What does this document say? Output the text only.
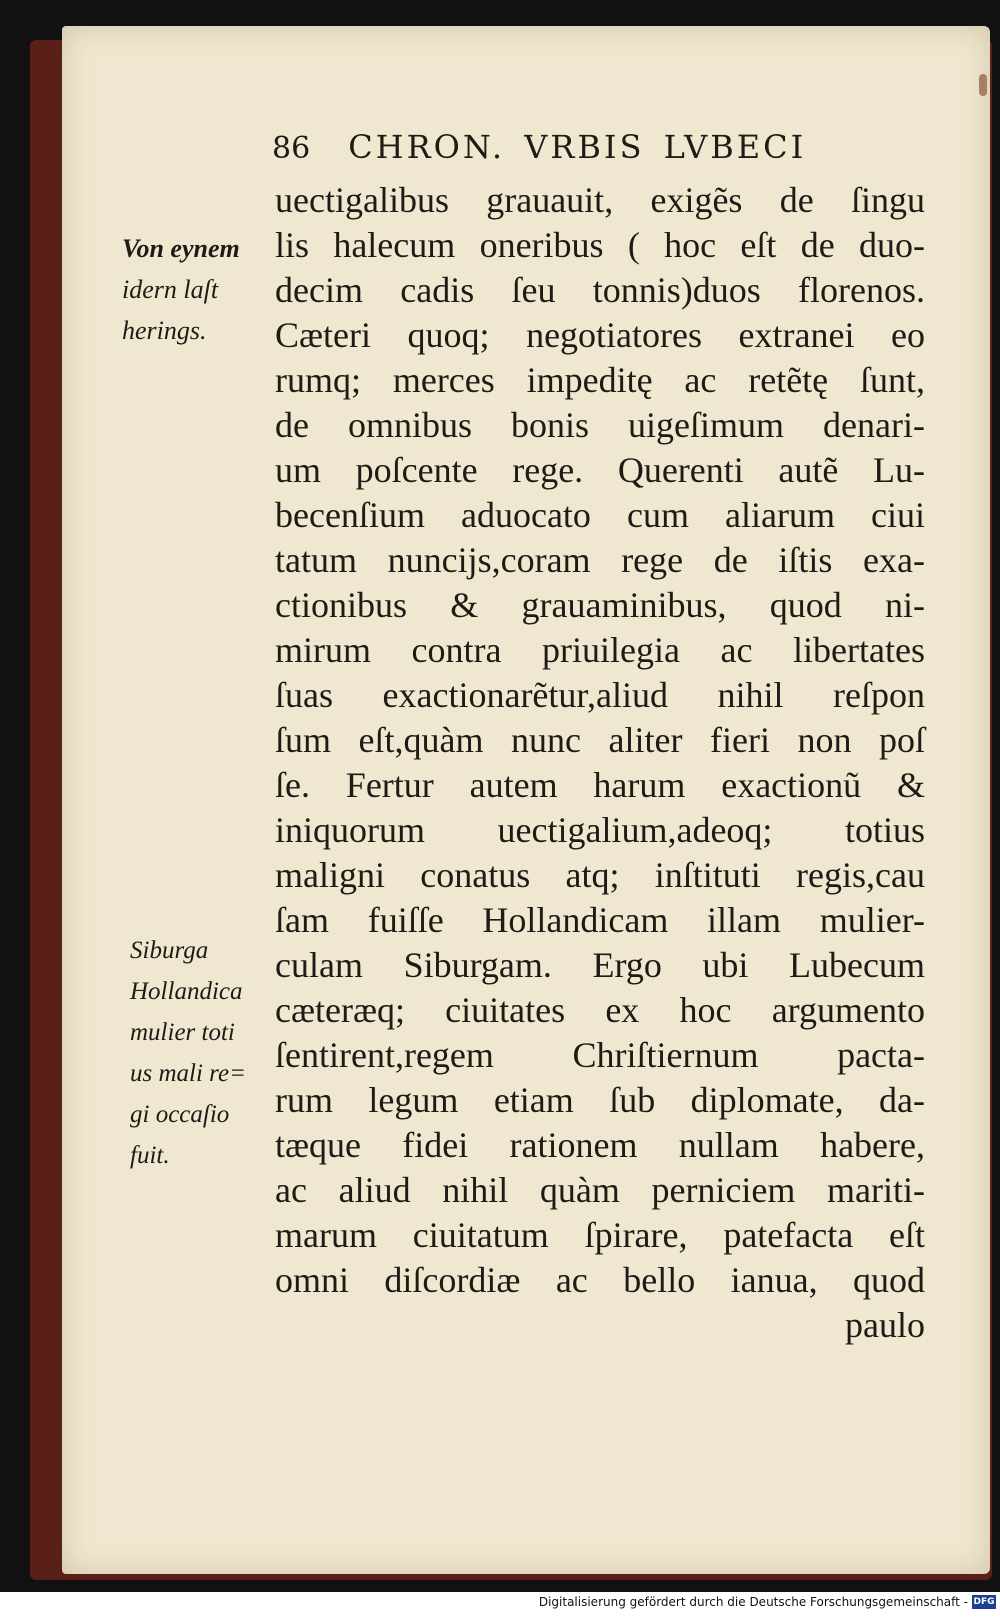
86 CHRON. VRBIS LVBECI
Von eynem
idern laſt
herings.
Siburga
Hollandica
mulier toti
us mali re=
gi occaſio
fuit.
uectigalibus grauauit, exigẽs de ſingu
lis halecum oneribus ( hoc eſt de duo-
decim cadis ſeu tonnis)duos florenos.
Cæteri quoq; negotiatores extranei eo
rumq; merces impeditę ac retẽtę ſunt,
de omnibus bonis uigeſimum denari-
um poſcente rege. Querenti autẽ Lu-
becenſium aduocato cum aliarum ciui
tatum nuncijs,coram rege de iſtis exa-
ctionibus & grauaminibus, quod ni-
mirum contra priuilegia ac libertates
ſuas exactionarẽtur,aliud nihil reſpon
ſum eſt,quàm nunc aliter fieri non poſ
ſe. Fertur autem harum exactionũ &
iniquorum uectigalium,adeoq; totius
maligni conatus atq; inſtituti regis,cau
ſam fuiſſe Hollandicam illam mulier-
culam Siburgam. Ergo ubi Lubecum
cæteræq; ciuitates ex hoc argumento
ſentirent,regem Chriſtiernum pacta-
rum legum etiam ſub diplomate, da-
tæque fidei rationem nullam habere,
ac aliud nihil quàm perniciem mariti-
marum ciuitatum ſpirare, patefacta eſt
omni diſcordiæ ac bello ianua, quod
paulo
Digitalisierung gefördert durch die Deutsche Forschungsgemeinschaft - DFG
